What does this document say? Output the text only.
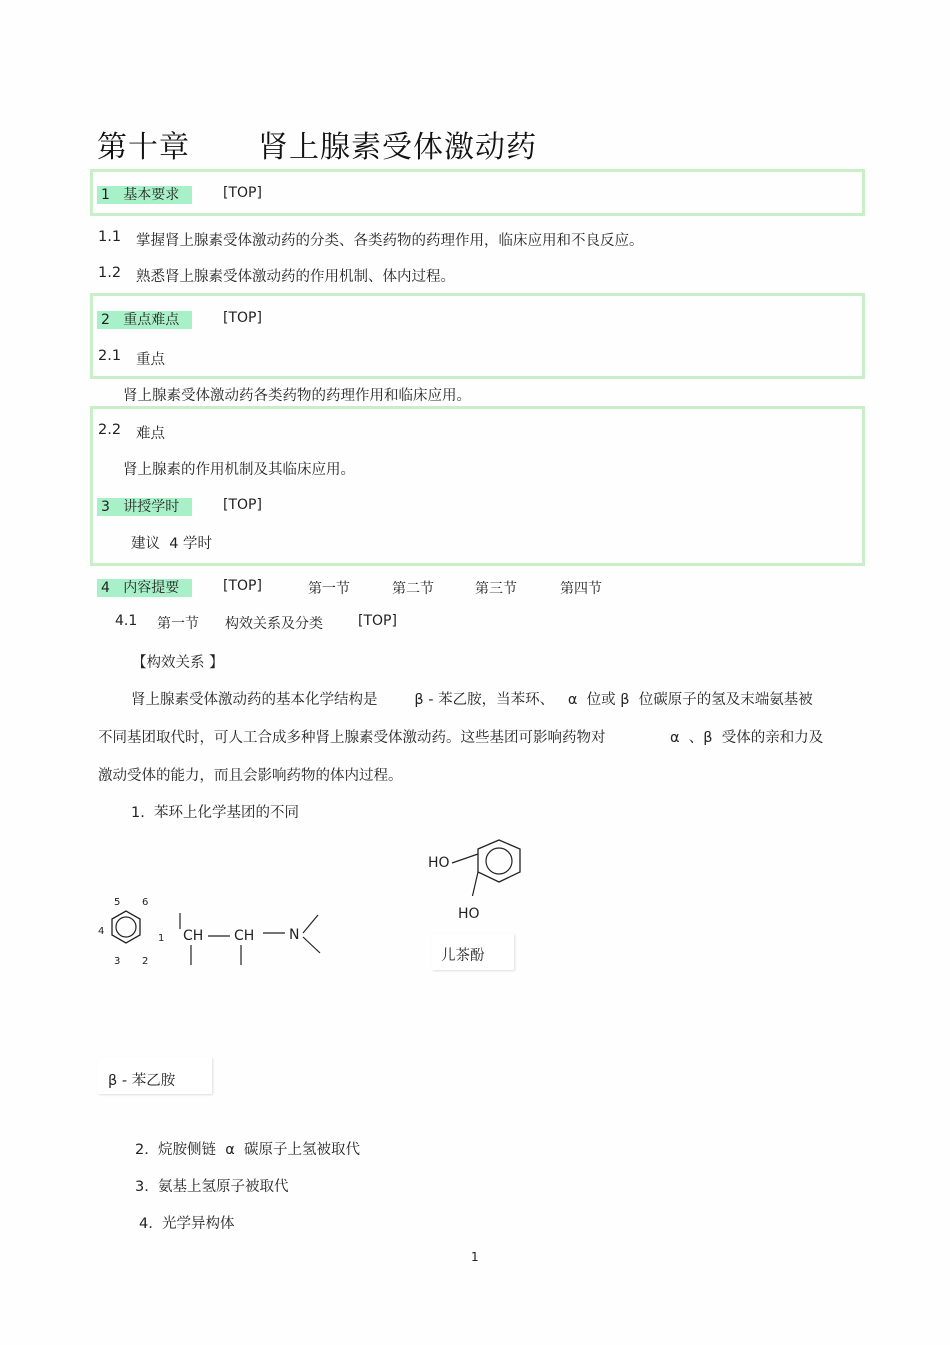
第十章 肾上腺素受体激动药
1 基本要求	[TOP]
1.1 掌握肾上腺素受体激动药的分类、各类药物的药理作用，临床应用和不良反应。
1.2 熟悉肾上腺素受体激动药的作用机制、体内过程。
2 重点难点	[TOP]
2.1 重点
肾上腺素受体激动药各类药物的药理作用和临床应用。
2.2 难点
肾上腺素的作用机制及其临床应用。
3 讲授学时	[TOP]
建议  4 学时
4 内容提要	[TOP]	第一节	第二节	第三节	第四节
4.1 第一节 构效关系及分类	[TOP]
【构效关系 】
肾上腺素受体激动药的基本化学结构是        β - 苯乙胺，当苯环、   α  位或 β  位碳原子的氢及末端氨基被
不同基团取代时，可人工合成多种肾上腺素受体激动药。这些基团可影响药物对              α  、β  受体的亲和力及
激动受体的能力，而且会影响药物的体内过程。
1.  苯环上化学基团的不同
5 6
4
1
3 2
CH CH N
HO
HO
儿茶酚
β - 苯乙胺
2.  烷胺侧链  α  碳原子上氢被取代
3.  氨基上氢原子被取代
4.  光学异构体
1
